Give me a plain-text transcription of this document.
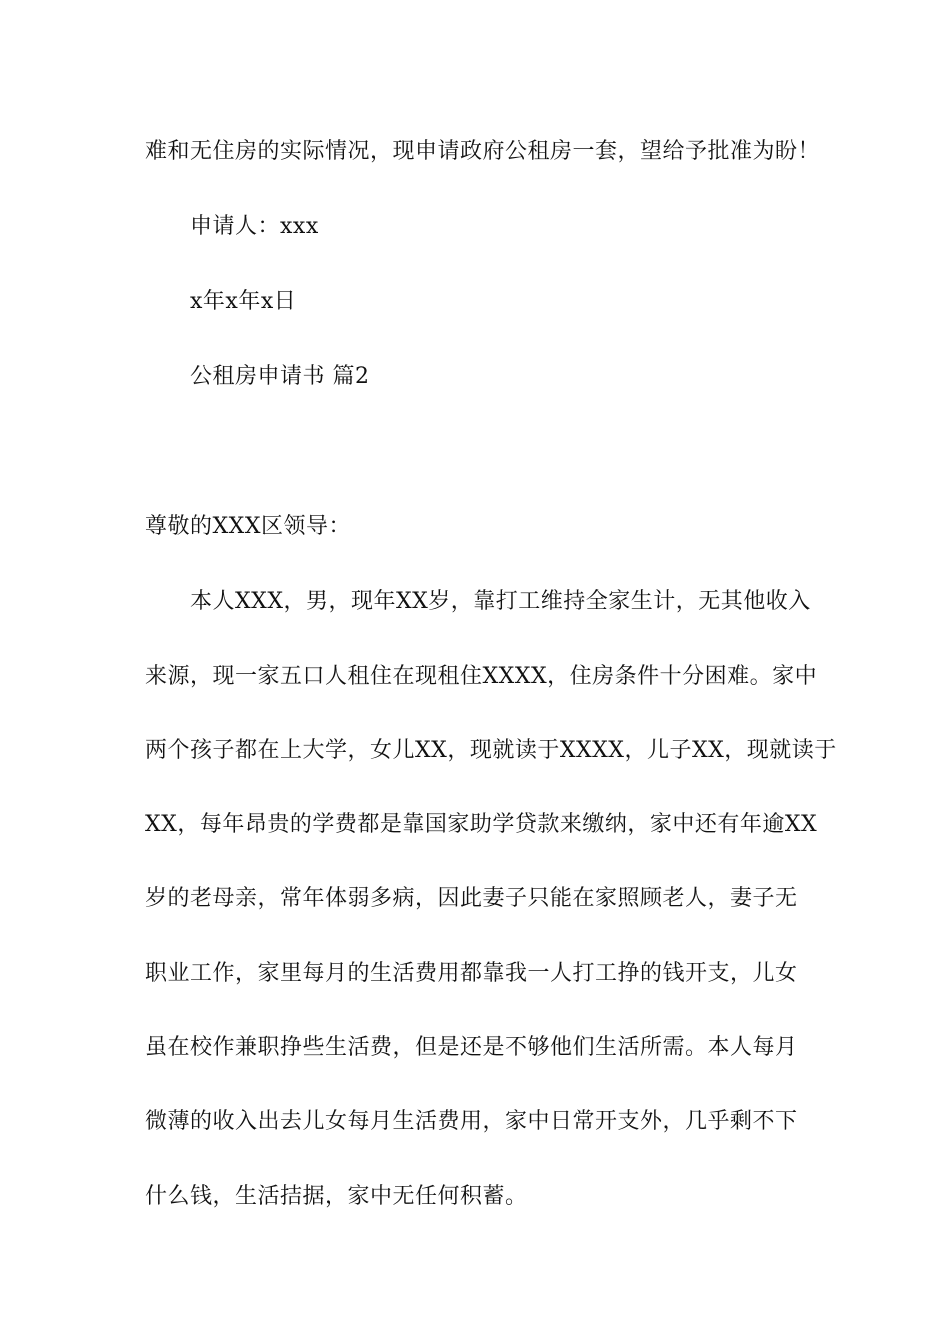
难和无住房的实际情况，现申请政府公租房一套，望给予批准为盼！
申请人：xxx
x年x年x日
公租房申请书 篇2
尊敬的XXX区领导：
本人XXX，男，现年XX岁，靠打工维持全家生计，无其他收入
来源，现一家五口人租住在现租住XXXX，住房条件十分困难。家中
两个孩子都在上大学，女儿XX，现就读于XXXX，儿子XX，现就读于
XX，每年昂贵的学费都是靠国家助学贷款来缴纳，家中还有年逾XX
岁的老母亲，常年体弱多病，因此妻子只能在家照顾老人，妻子无
职业工作，家里每月的生活费用都靠我一人打工挣的钱开支，儿女
虽在校作兼职挣些生活费，但是还是不够他们生活所需。本人每月
微薄的收入出去儿女每月生活费用，家中日常开支外，几乎剩不下
什么钱，生活拮据，家中无任何积蓄。
